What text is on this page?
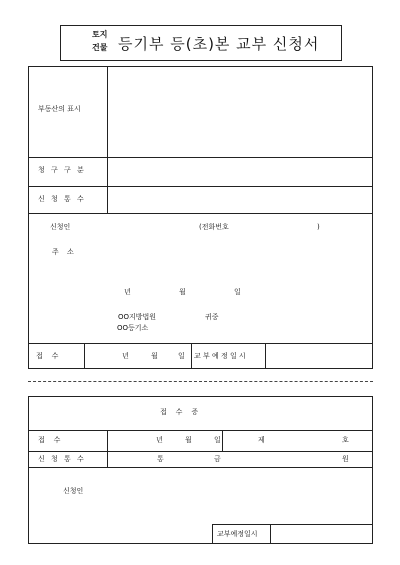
토지
건물 등기부 등(초)본 교부 신청서
부동산의 표시
청 구 구 분
신 청 통 수
신청인	(전화번호	)
주 소
년	월	일
OO지방법원	귀중
OO등기소
접    수	년	월	일 교 부 예 정 일 시
접    수    증
접    수	년	월	일	제	호
신 청 통 수	통	금	원
신청인
교부예정일시
